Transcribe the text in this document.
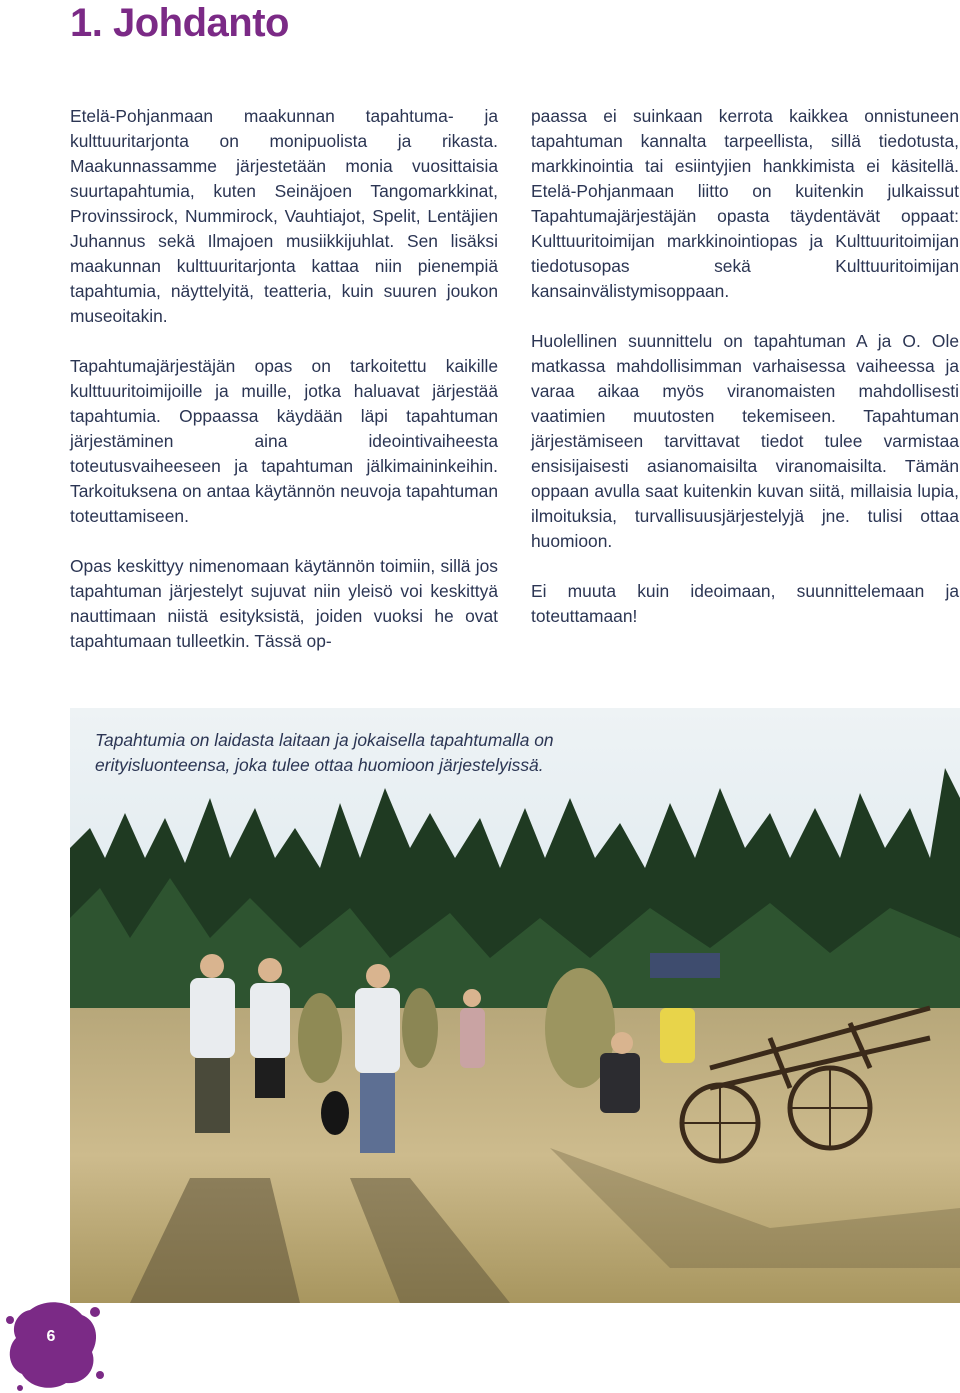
1. Johdanto

Etelä-Pohjanmaan maakunnan tapahtuma- ja kulttuuritarjonta on monipuolista ja rikasta. Maakunnassamme järjestetään monia vuosittaisia suurtapahtumia, kuten Seinäjoen Tangomarkkinat, Provinssirock, Nummirock, Vauhtiajot, Spelit, Lentäjien Juhannus sekä Ilmajoen musiikkijuhlat. Sen lisäksi maakunnan kulttuuritarjonta kattaa niin pienempiä tapahtumia, näyttelyitä, teatteria, kuin suuren joukon museoitakin.

Tapahtumajärjestäjän opas on tarkoitettu kaikille kulttuuritoimijoille ja muille, jotka haluavat järjestää tapahtumia. Oppaassa käydään läpi tapahtuman järjestäminen aina ideointivaiheesta toteutusvaiheeseen ja tapahtuman jälkimaininkeihin. Tarkoituksena on antaa käytännön neuvoja tapahtuman toteuttamiseen.

Opas keskittyy nimenomaan käytännön toimiin, sillä jos tapahtuman järjestelyt sujuvat niin yleisö voi keskittyä nauttimaan niistä esityksistä, joiden vuoksi he ovat tapahtumaan tulleetkin. Tässä op-

paassa ei suinkaan kerrota kaikkea onnistuneen tapahtuman kannalta tarpeellista, sillä tiedotusta, markkinointia tai esiintyjien hankkimista ei käsitellä. Etelä-Pohjanmaan liitto on kuitenkin julkaissut Tapahtumajärjestäjän opasta täydentävät oppaat: Kulttuuritoimijan markkinointiopas ja Kulttuuritoimijan tiedotusopas sekä Kulttuuritoimijan kansainvälistymisoppaan.

Huolellinen suunnittelu on tapahtuman A ja O. Ole matkassa mahdollisimman varhaisessa vaiheessa ja varaa aikaa myös viranomaisten mahdollisesti vaatimien muutosten tekemiseen. Tapahtuman järjestämiseen tarvittavat tiedot tulee varmistaa ensisijaisesti asianomaisilta viranomaisilta. Tämän oppaan avulla saat kuitenkin kuvan siitä, millaisia lupia, ilmoituksia, turvallisuusjärjestelyjä jne. tulisi ottaa huomioon.

Ei muuta kuin ideoimaan, suunnittelemaan ja toteuttamaan!

Tapahtumia on laidasta laitaan ja jokaisella tapahtumalla on erityisluonteensa, joka tulee ottaa huomioon järjestelyissä.
6
